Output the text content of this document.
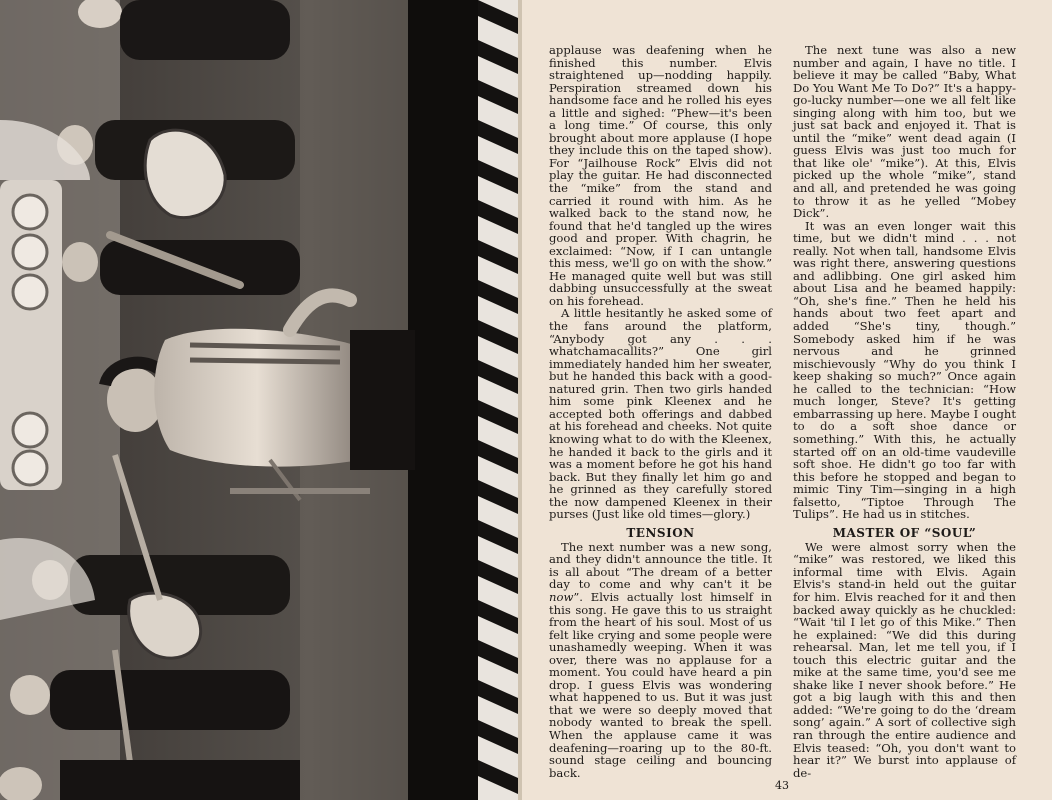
applause was deafening when he finished this number. Elvis straightened up—nodding happily. Perspiration streamed down his handsome face and he rolled his eyes a little and sighed: “Phew—it's been a long time.” Of course, this only brought about more applause (I hope they include this on the taped show). For “Jailhouse Rock” Elvis did not play the guitar. He had disconnected the “mike” from the stand and carried it round with him. As he walked back to the stand now, he found that he'd tangled up the wires good and proper. With chagrin, he exclaimed: “Now, if I can untangle this mess, we'll go on with the show.” He managed quite well but was still dabbing unsuccessfully at the sweat on his forehead.

A little hesitantly he asked some of the fans around the platform, “Anybody got any . . . whatchamacallits?” One girl immediately handed him her sweater, but he handed this back with a good-natured grin. Then two girls handed him some pink Kleenex and he accepted both offerings and dabbed at his forehead and cheeks. Not quite knowing what to do with the Kleenex, he handed it back to the girls and it was a moment before he got his hand back. But they finally let him go and he grinned as they carefully stored the now dampened Kleenex in their purses (Just like old times—glory.)

TENSION

The next number was a new song, and they didn't announce the title. It is all about “The dream of a better day to come and why can't it be now”. Elvis actually lost himself in this song. He gave this to us straight from the heart of his soul. Most of us felt like crying and some people were unashamedly weeping. When it was over, there was no applause for a moment. You could have heard a pin drop. I guess Elvis was wondering what happened to us. But it was just that we were so deeply moved that nobody wanted to break the spell. When the applause came it was deafening—roaring up to the 80-ft. sound stage ceiling and bouncing back.

The next tune was also a new number and again, I have no title. I believe it may be called “Baby, What Do You Want Me To Do?” It's a happy-go-lucky number—one we all felt like singing along with him too, but we just sat back and enjoyed it. That is until the “mike” went dead again (I guess Elvis was just too much for that like ole' “mike”). At this, Elvis picked up the whole “mike”, stand and all, and pretended he was going to throw it as he yelled “Mobey Dick”.

It was an even longer wait this time, but we didn't mind . . . not really. Not when tall, handsome Elvis was right there, answering questions and adlibbing. One girl asked him about Lisa and he beamed happily: “Oh, she's fine.” Then he held his hands about two feet apart and added “She's tiny, though.” Somebody asked him if he was nervous and he grinned mischievously “Why do you think I keep shaking so much?” Once again he called to the technician: “How much longer, Steve? It's getting embarrassing up here. Maybe I ought to do a soft shoe dance or something.” With this, he actually started off on an old-time vaudeville soft shoe. He didn't go too far with this before he stopped and began to mimic Tiny Tim—singing in a high falsetto, “Tiptoe Through The Tulips”. He had us in stitches.

MASTER OF “SOUL”

We were almost sorry when the “mike” was restored, we liked this informal time with Elvis. Again Elvis's stand-in held out the guitar for him. Elvis reached for it and then backed away quickly as he chuckled: “Wait 'til I let go of this Mike.” Then he explained: “We did this during rehearsal. Man, let me tell you, if I touch this electric guitar and the mike at the same time, you'd see me shake like I never shook before.” He got a big laugh with this and then added: “We're going to do the ‘dream song’ again.” A sort of collective sigh ran through the entire audience and Elvis teased: “Oh, you don't want to hear it?” We burst into applause of de-

43
